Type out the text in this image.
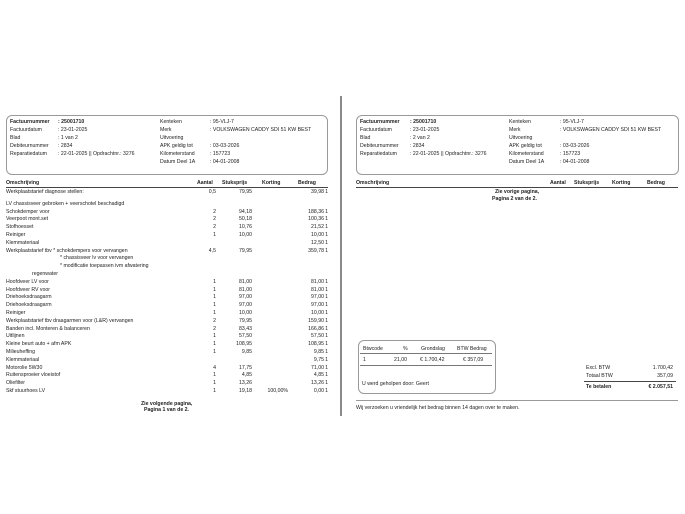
Factuurnummer : 25001710
Factuurdatum	: 23-01-2025
Blad	: 1 van 2
Debiteurnummer : 2834
Reparatiedatum : 22-01-2025 || Opdrachtnr.: 3276
Kenteken	: 95-VLJ-7
Merk	: VOLKSWAGEN CADDY SDI 51 KW BEST
Uitvoering
APK geldig tot	: 03-03-2026
Kilometerstand	: 157723
Datum Deel 1A	: 04-01-2008
Omschrijving	Aantal Stuksprijs	Korting	Bedrag
Werkplaatstarief diagnose stellen:	0,5	79,95	39,98 1
LV chassisveer gebroken + veerschotel beschadigd
Schokdemper voor	2	94,18	188,36 1
Veerpoot mont.set	2	50,18	100,36 1
Stofhoesset	2	10,76	21,52 1
Reiniger	1	10,00	10,00 1
Klemmateriaal	12,50 1
Werkplaatstarief tbv * schokdempers voor vervangen	4,5	79,95	359,78 1
* chassisveer lv voor vervangen
* modificatie toepassen ivm afwatering
regenwater
Hoofdveer LV voor	1	81,00	81,00 1
Hoofdveer RV voor	1	81,00	81,00 1
Driehoeksdraagarm	1	97,00	97,00 1
Driehoeksdraagarm	1	97,00	97,00 1
Reiniger	1	10,00	10,00 1
Werkplaatstarief tbv draagarmen voor (L&R) vervangen	2	79,95	159,90 1
Banden incl. Monteren & balanceren	2	83,43	166,86 1
Uitlijnen	1	57,50	57,50 1
Kleine beurt auto + afm APK	1	108,95	108,95 1
Milieuheffing	1	9,85	9,85 1
Klemmateriaal	9,75 1
Motorolie 5W30	4	17,75	71,00 1
Ruitensproeier vloeistof	1	4,85	4,85 1
Oliefilter	1	13,26	13,26 1
Skf stuurhoes LV	1	19,18	100,00%	0,00 1
Zie volgende pagina,
Pagina 1 van de 2.
Factuurnummer : 25001710
Factuurdatum	: 23-01-2025
Blad	: 2 van 2
Debiteurnummer : 2834
Reparatiedatum	: 22-01-2025 || Opdrachtnr.: 3276
Kenteken	: 95-VLJ-7
Merk	: VOLKSWAGEN CADDY SDI 51 KW BEST
Uitvoering
APK geldig tot	: 03-03-2026
Kilometerstand	: 157723
Datum Deel 1A	: 04-01-2008
Omschrijving	Aantal Stuksprijs Korting	Bedrag
Zie vorige pagina,
Pagina 2 van de 2.
Btwcode	%	Grondslag BTW Bedrag
1	21,00	€ 1.700,42	€ 357,09
U werd geholpen door: Geert
Excl. BTW	1.700,42
Totaal BTW	357,09
Te betalen	€ 2.057,51
Wij verzoeken u vriendelijk het bedrag binnen 14 dagen over te maken.
